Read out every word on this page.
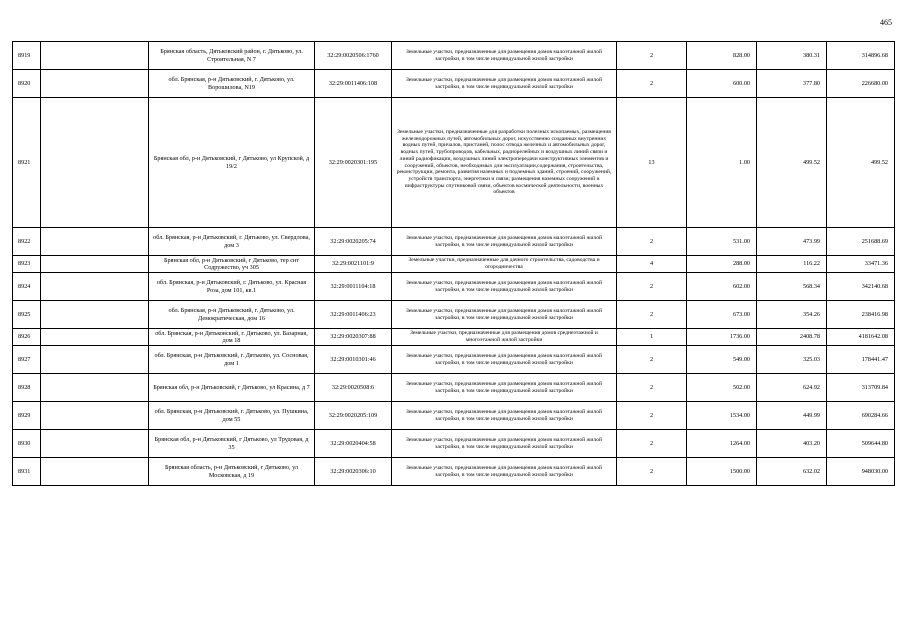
465
8919		Брянская область, Дятьковский район, г. Дятьково, ул. Строительная, N 7	32:29:0020506:1760	Земельные участки, предназначенные для размещения домов малоэтажной жилой застройки, в том числе индивидуальной жилой застройки	2	828.00	380.31	314896.68
8920		обл. Брянская, р-н Дятьковский, г. Дятьково, ул. Ворошилова, N19	32:29:0011406:108	Земельные участки, предназначенные для размещения домов малоэтажной жилой застройки, в том числе индивидуальной жилой застройки	2	600.00	377.80	226680.00
8921		Брянская обл, р-н Дятьковский, г Дятьково, ул Крупской, д 19/2	32:29:0020301:195	Земельные участки, предназначенные для разработки полезных ископаемых, размещения железнодорожных путей, автомобильных дорог, искусственно созданных внутренних водных путей, причалов, пристаней, полос отвода железных и автомобильных дорог, водных путей, трубопроводов, кабельных, радиорелейных и воздушных линий связи и линий радиофикации, воздушных линий электропередачи конструктивных элементов и сооружений, объектов, необходимых для эксплуатации,содержания, строительства, реконструкции, ремонта, развития наземных и подземных зданий, строений, сооружений, устройств транспорта, энергетики и связи; размещения наземных сооружений и инфраструктуры спутниковой связи, объектов космической деятельности, военных объектов	13	1.00	499.52	499.52
8922		обл. Брянская, р-н Дятьковский, г. Дятьково, ул. Свердлова, дом 3	32:29:0020205:74	Земельные участки, предназначенные для размещения домов малоэтажной жилой застройки, в том числе индивидуальной жилой застройки	2	531.00	473.99	251688.69
8923		Брянская обл, р-н Дятьковский, г Дятьково, тер снт Содружество, уч 305	32:29:0021101:9	Земельные участки, предназначенные для дачного строительства, садоводства и огородничества	4	288.00	116.22	33471.36
8924		обл. Брянская, р-н Дятьковский, г. Дятьково, ул. Красная Роза, дом 101, кв.1	32:29:0011104:18	Земельные участки, предназначенные для размещения домов малоэтажной жилой застройки, в том числе индивидуальной жилой застройки	2	602.00	568.34	342140.68
8925		обл. Брянская, р-н Дятьковский, г. Дятьково, ул. Демократическая, дом 16	32:29:0011406:23	Земельные участки, предназначенные для размещения домов малоэтажной жилой застройки, в том числе индивидуальной жилой застройки	2	673.00	354.26	238416.98
8926		обл. Брянская, р-н Дятьковский, г. Дятьково, ул. Базарная, дом 18	32:29:0020307:88	Земельные участки, предназначенные для размещения домов среднеэтажной и многоэтажной жилой застройки	1	1736.00	2408.78	4181642.08
8927		обл. Брянская, р-н Дятьковский, г. Дятьково, ул. Сосновая, дом 1	32:29:0010301:46	Земельные участки, предназначенные для размещения домов малоэтажной жилой застройки, в том числе индивидуальной жилой застройки	2	549.00	325.03	178441.47
8928		Брянская обл, р-н Дятьковский, г Дятьково, ул Красина, д 7	32:29:0020508:6	Земельные участки, предназначенные для размещения домов малоэтажной жилой застройки, в том числе индивидуальной жилой застройки	2	502.00	624.92	313709.84
8929		обл. Брянская, р-н Дятьковский, г. Дятьково, ул. Пушкина, дом 55	32:29:0020205:109	Земельные участки, предназначенные для размещения домов малоэтажной жилой застройки, в том числе индивидуальной жилой застройки	2	1534.00	449.99	690284.66
8930		Брянская обл, р-н Дятьковский, г Дятьково, ул Трудовая, д 35	32:29:0020404:58	Земельные участки, предназначенные для размещения домов малоэтажной жилой застройки, в том числе индивидуальной жилой застройки	2	1264.00	403.20	509644.80
8931		Брянская область, р-н Дятьковский, г Дятьково, ул Московская, д 19	32:29:0020306:10	Земельные участки, предназначенные для размещения домов малоэтажной жилой застройки, в том числе индивидуальной жилой застройки	2	1500.00	632.02	948030.00
